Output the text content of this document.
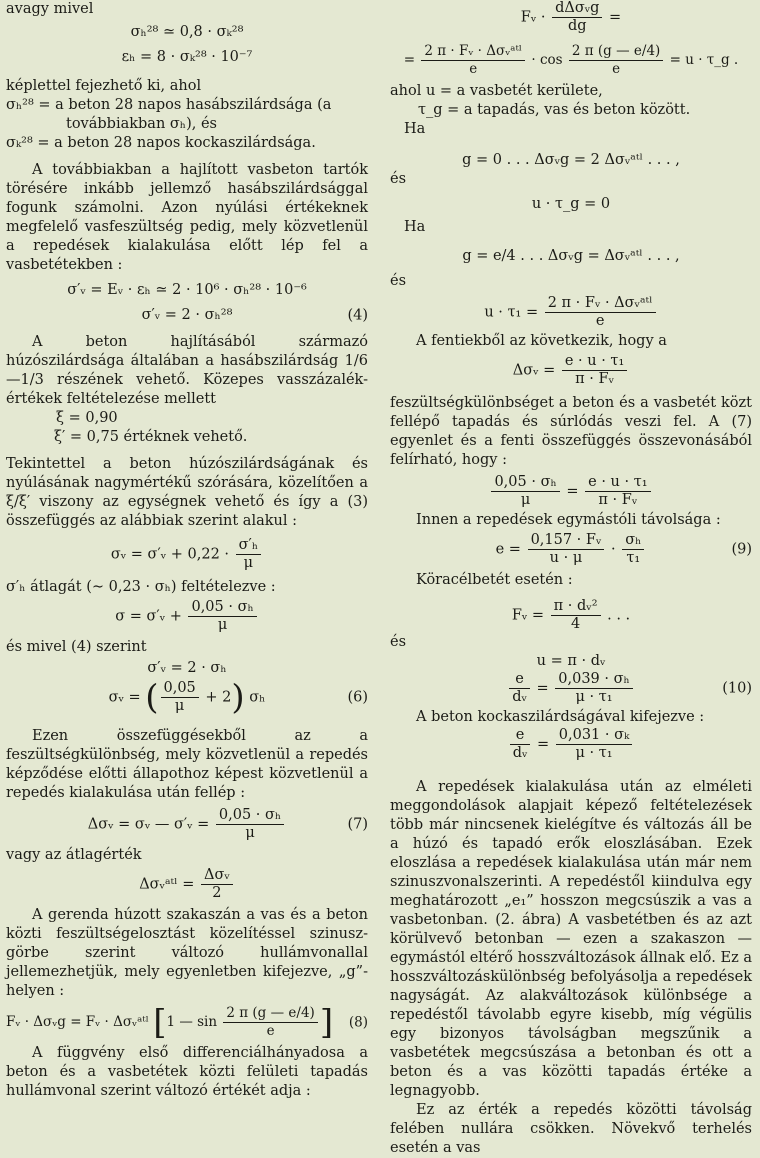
avagy mivel

σₕ²⁸ ≃ 0,8 · σₖ²⁸
εₕ = 8 · σₖ²⁸ · 10⁻⁷

képlettel fejezhető ki, ahol

σₕ²⁸ = a beton 28 napos hasábszilárdsága (a

továbbiakban σₕ), és

σₖ²⁸ = a beton 28 napos kockaszilárdsága.

A továbbiakban a hajlított vasbeton tartók törésére inkább jellemző hasábszilárdsággal fogunk számolni. Azon nyúlási értékeknek megfelelő vasfeszültség pedig, mely közvetlenül a repedések kialakulása előtt lép fel a vasbetétekben :

σ′ᵥ = Eᵥ · εₕ ≃ 2 · 10⁶ · σₕ²⁸ · 10⁻⁶
σ′ᵥ = 2 · σₕ²⁸	(4)

A beton hajlításából származó húzószilárdsága általában a hasábszilárdság 1/6—1/3 részének vehető. Közepes vasszázalék-értékek feltételezése mellett

ξ = 0,90

ξ′ = 0,75 értéknek vehető.

Tekintettel a beton húzószilárdságának és nyúlásának nagymértékű szórására, közelítően a ξ/ξ′ viszony az egységnek vehető és így a (3) összefüggés az alábbiak szerint alakul :

σᵥ = σ′ᵥ + $0,22 \cdot \frac{\text{σ′ₕ}}{\mu}$

σ′ₕ átlagát (∼ 0,23 · σₕ) feltételezve :

σ = σ′ᵥ + $\frac{\text{0,05 · σₕ}}{\mu}$

és mivel (4) szerint

σ′ᵥ = 2 · σₕ
σᵥ = ( $\frac{0,05}{\mu} + 2$) σₕ	(6)

Ezen összefüggésekből az a feszültségkülönbség, mely közvetlenül a repedés képződése előtti állapothoz képest közvetlenül a repedés kialakulása után fellép :

Δσᵥ = σᵥ — σ′ᵥ = $\frac{\text{0,05 · σₕ}}{\mu}$	(7)

vagy az átlagérték

Δσᵥᵃᵗˡ = $\frac{\text{Δσᵥ}}{2}$

A gerenda húzott szakaszán a vas és a beton közti feszültségelosztást közelítéssel szinusz-görbe szerint változó hullámvonallal jellemezhetjük, mely egyenletben kifejezve, „g”-helyen :

Fᵥ · Δσᵥg = Fᵥ · Δσᵥᵃᵗˡ [1 — $\sin \frac{2 \pi (g — e/4)}{e}$ ] (8)

A függvény első differenciálhányadosa a beton és a vasbetétek közti felületi tapadás hullámvonal szerint változó értékét adja :

Fᵥ · $\frac{\text{dΔσᵥg}}{dg}$ =
= $\frac{\text{2 π · Fᵥ · Δσᵥᵃᵗˡ}}{e} \cdot \cos \frac{2 \pi (g — e/4)}{e} = u$ · τ_g .

ahol u = a vasbetét kerülete,

τ_g = a tapadás, vas és beton között.

Ha

g = 0 . . . Δσᵥg = 2 Δσᵥᵃᵗˡ . . . ,

és

u · τ_g = 0

Ha

g = e/4 . . . Δσᵥg = Δσᵥᵃᵗˡ . . . ,

és

$u \cdot \tau_1 = \frac{\text{2 π · Fᵥ · Δσᵥᵃᵗˡ}}{e}$

A fentiekből az következik, hogy a

Δσᵥ = $\frac{\text{e · u · τ₁}}{\text{π · Fᵥ}}$

feszültségkülönbséget a beton és a vasbetét közt fellépő tapadás és súrlódás veszi fel. A (7) egyenlet és a fenti összefüggés összevonásából felírható, hogy :

$\frac{\text{0,05 · σₕ}}{\mu} = \frac{\text{e · u · τ₁}}{\text{π · Fᵥ}}$

Innen a repedések egymástóli távolsága :

$e = \frac{\text{0,157 · Fᵥ}}{u \cdot \mu} \cdot \frac{\text{σₕ}}{\text{τ₁}}$	(9)

Köracélbetét esetén :

Fᵥ = $\frac{\text{π · dᵥ²}}{4}$ . . .

és

u = π · dᵥ
$\frac{e}{\text{dᵥ}} = \frac{\text{0,039 · σₕ}}{\text{μ · τ₁}}$	(10)

A beton kockaszilárdságával kifejezve :

$\frac{e}{\text{dᵥ}} = \frac{\text{0,031 · σₖ}}{\text{μ · τ₁}}$

A repedések kialakulása után az elméleti meggondolások alapjait képező feltételezések több már nincsenek kielégítve és változás áll be a húzó és tapadó erők eloszlásában. Ezek eloszlása a repedések kialakulása után már nem szinuszvonalszerinti. A repedéstől kiindulva egy meghatározott „e₁” hosszon megcsúszik a vas a vasbetonban. (2. ábra) A vasbetétben és az azt körülvevő betonban — ezen a szakaszon — egymástól eltérő hosszváltozások állnak elő. Ez a hosszváltozáskülönbség befolyásolja a repedések nagyságát. Az alakváltozások különbsége a repedéstől távolabb egyre kisebb, míg végülis egy bizonyos távolságban megszűnik a vasbetétek megcsúszása a betonban és ott a beton és a vas közötti tapadás értéke a legnagyobb.

Ez az érték a repedés közötti távolság felében nullára csökken. Növekvő terhelés esetén a vas
